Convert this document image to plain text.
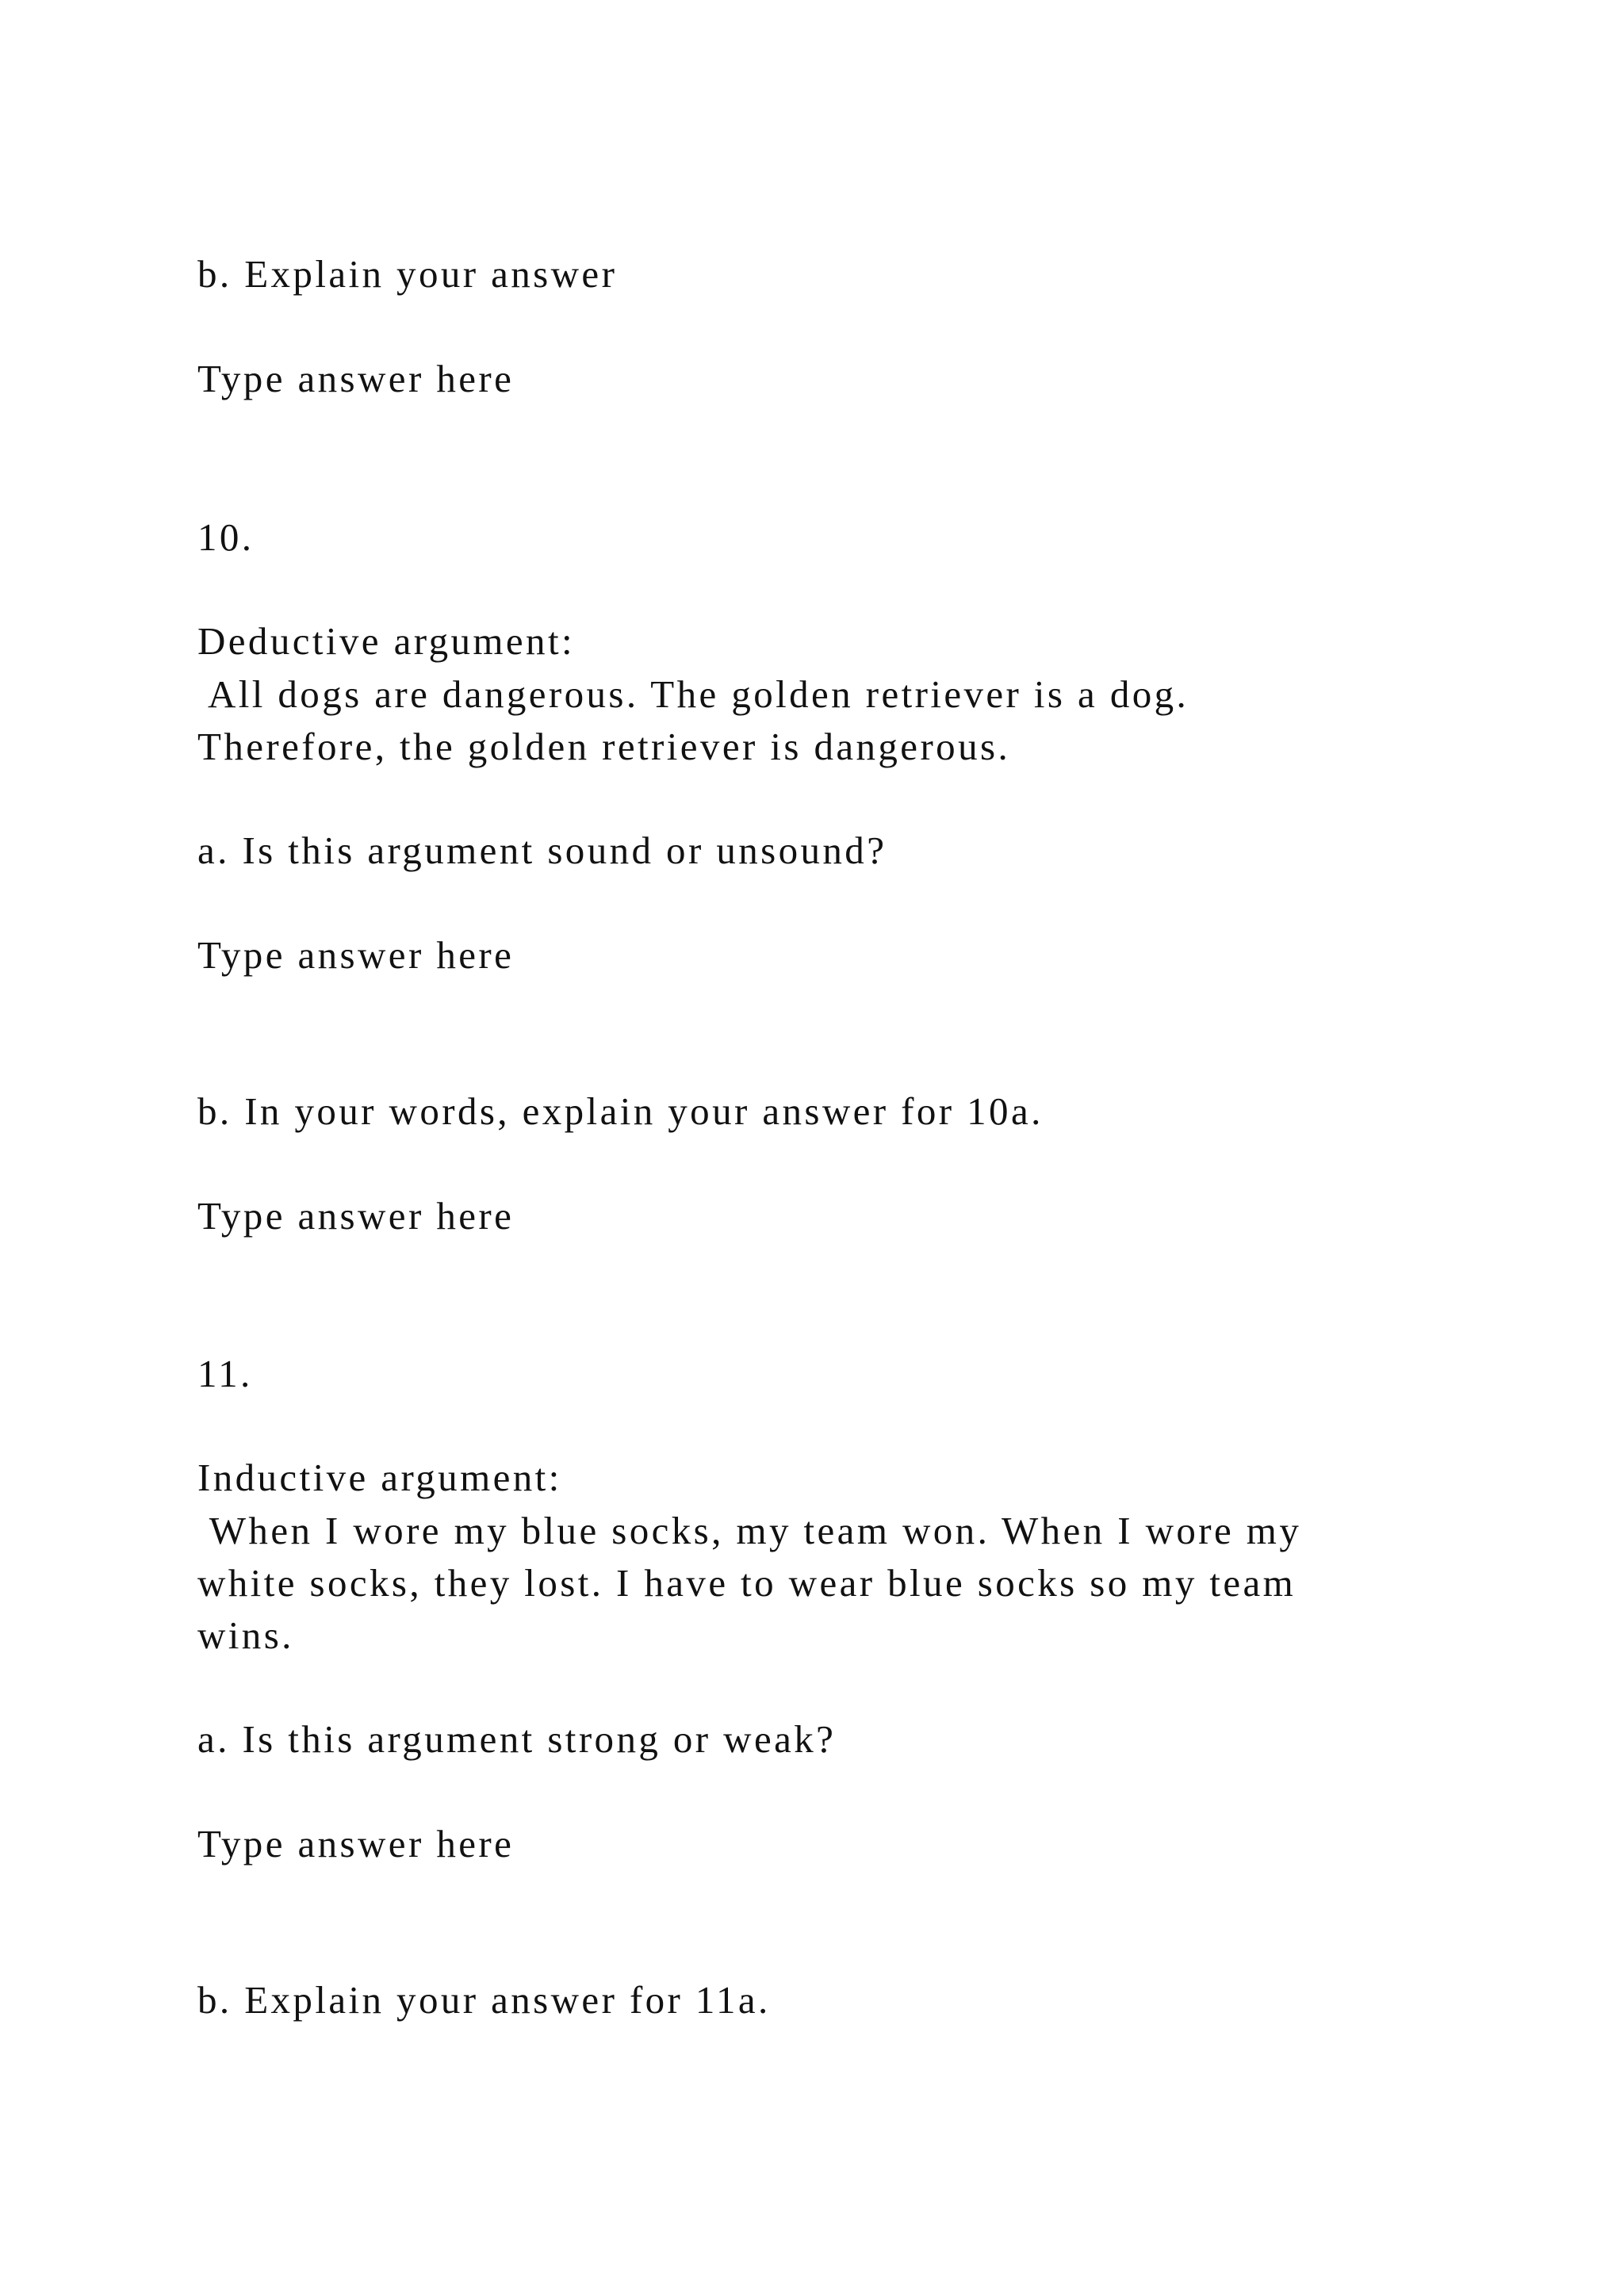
b. Explain your answer

Type answer here

10.

Deductive argument:

All dogs are dangerous. The golden retriever is a dog.

Therefore, the golden retriever is dangerous.

a. Is this argument sound or unsound?

Type answer here

b. In your words, explain your answer for 10a.

Type answer here

11.

Inductive argument:

When I wore my blue socks, my team won. When I wore my

white socks, they lost. I have to wear blue socks so my team

wins.

a. Is this argument strong or weak?

Type answer here

b. Explain your answer for 11a.
